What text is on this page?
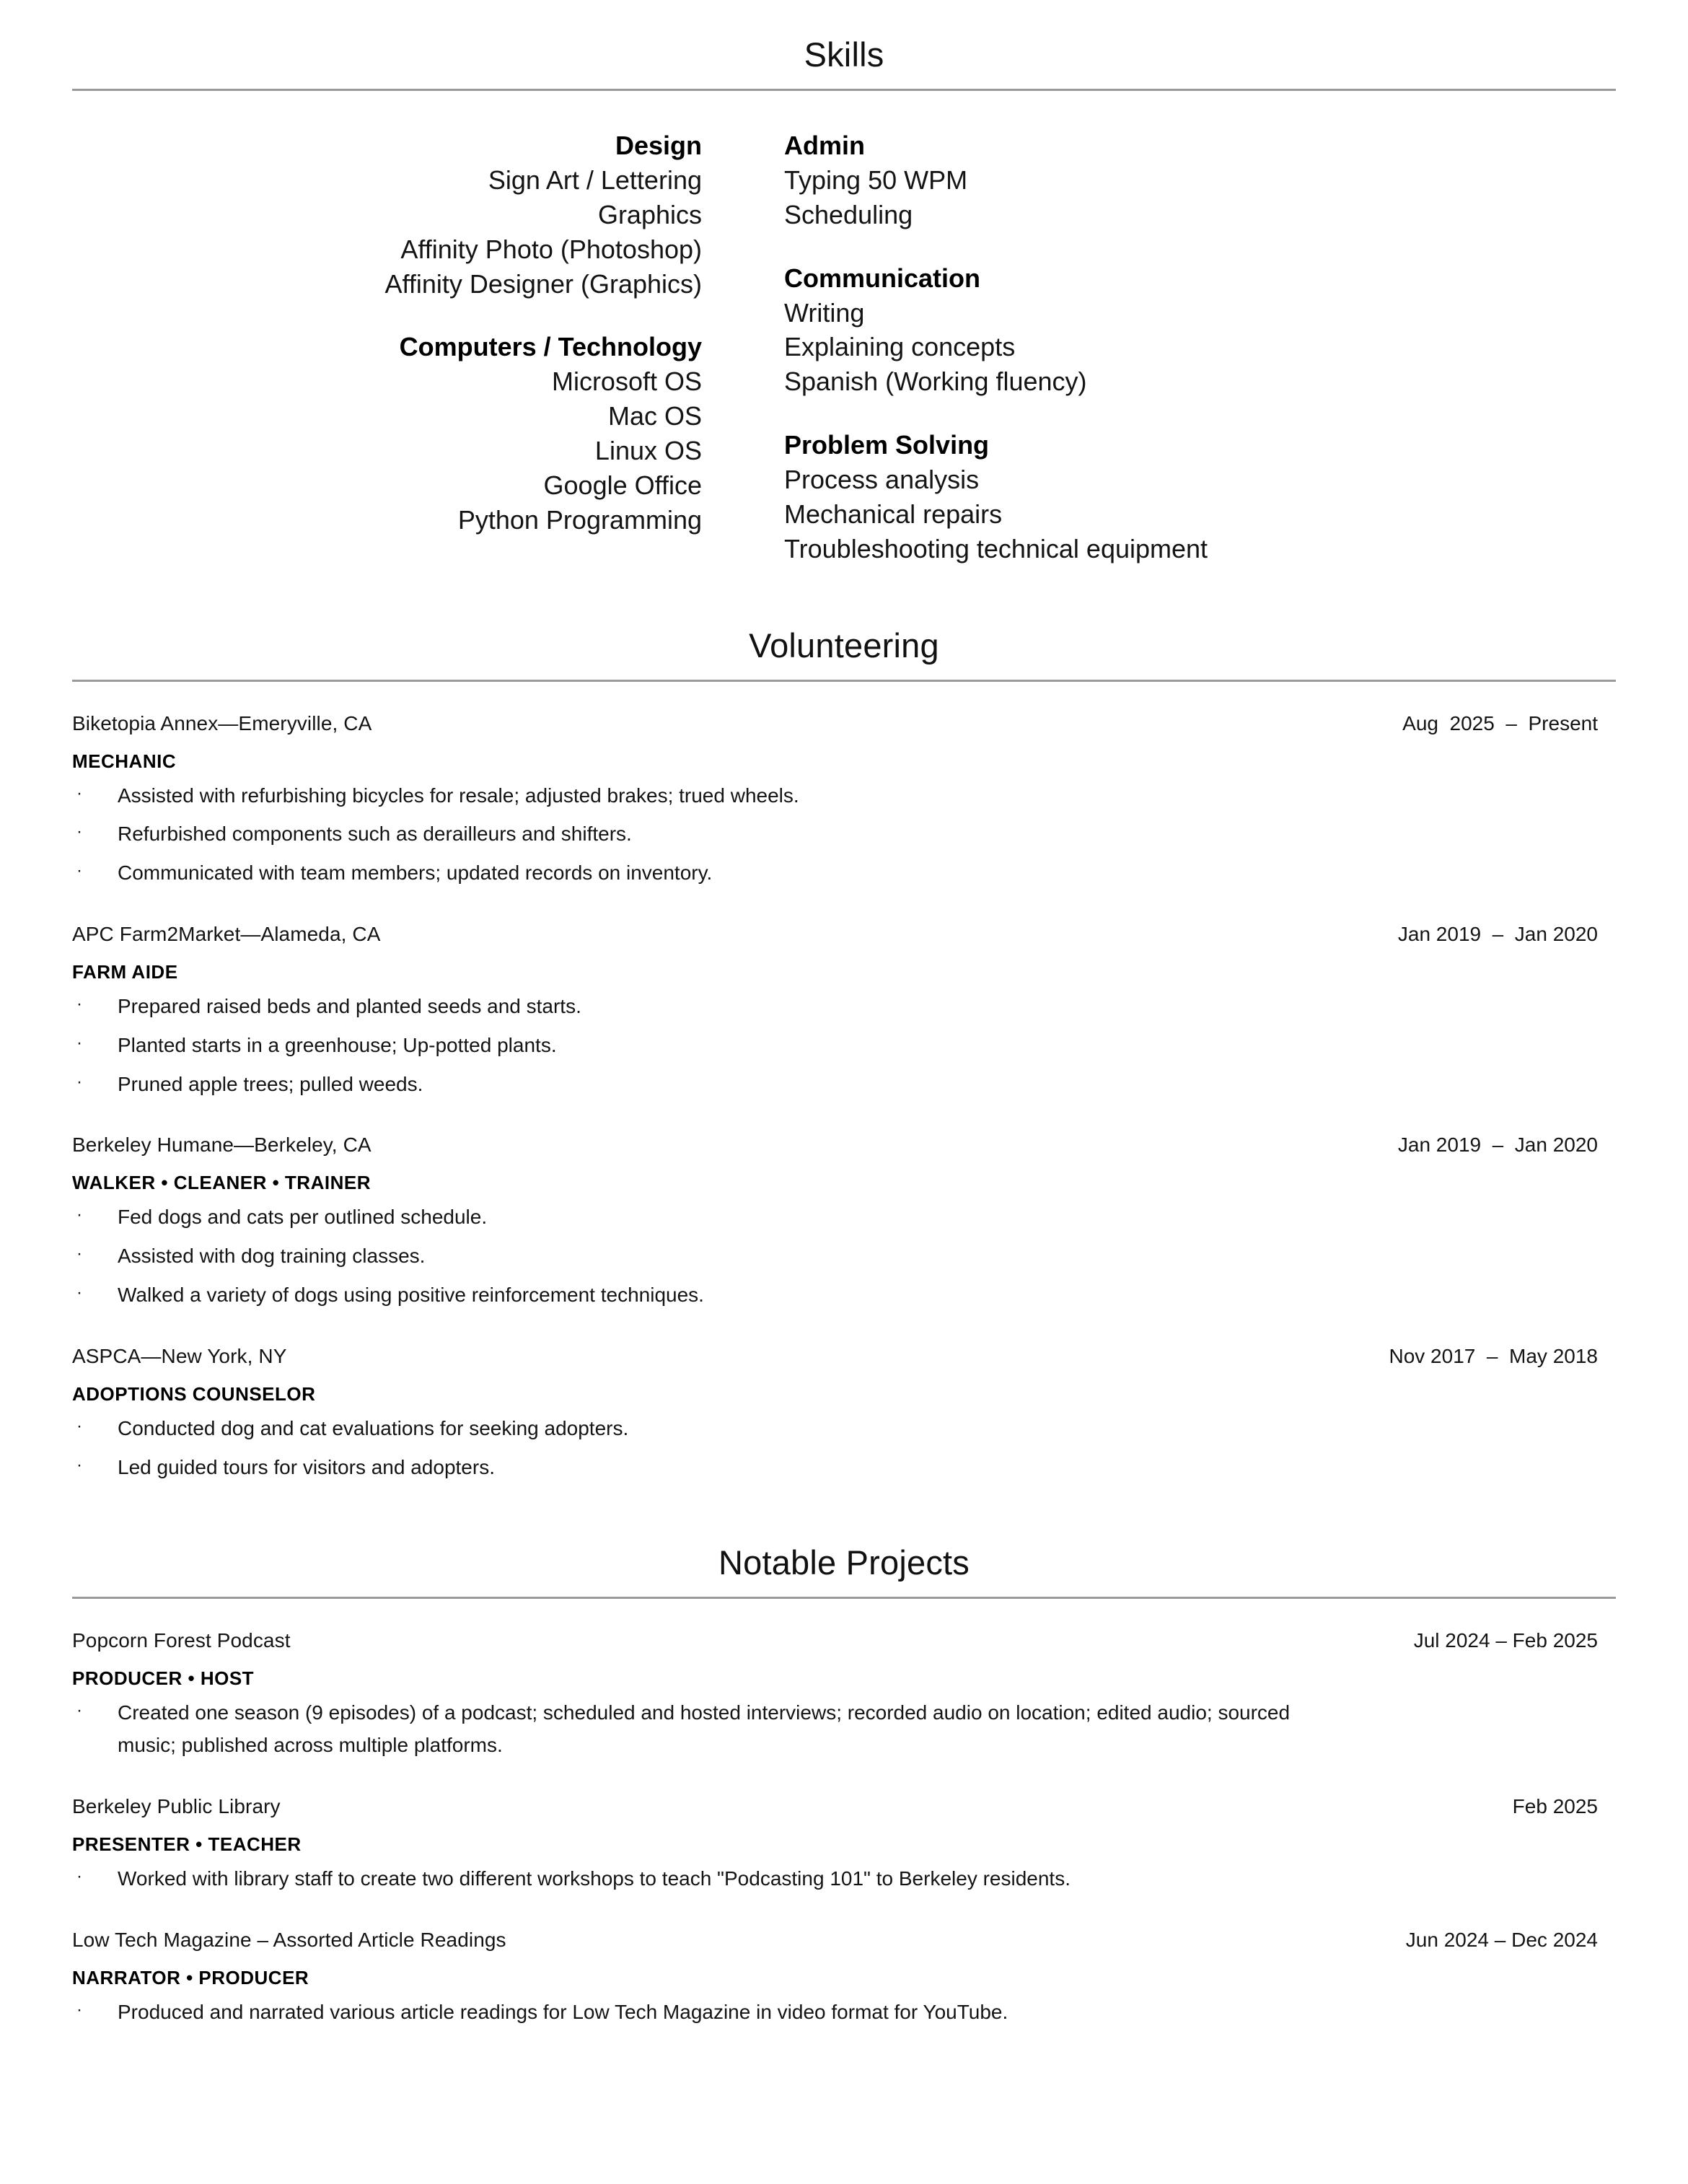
Skills
Design
Sign Art / Lettering
Graphics
Affinity Photo (Photoshop)
Affinity Designer (Graphics)
Computers / Technology
Microsoft OS
Mac OS
Linux OS
Google Office
Python Programming
Admin
Typing 50 WPM
Scheduling
Communication
Writing
Explaining concepts
Spanish (Working fluency)
Problem Solving
Process analysis
Mechanical repairs
Troubleshooting technical equipment
Volunteering
Biketopia Annex—Emeryville, CA	Aug  2025  –  Present
MECHANIC
·	Assisted with refurbishing bicycles for resale; adjusted brakes; trued wheels.
·	Refurbished components such as derailleurs and shifters.
·	Communicated with team members; updated records on inventory.
APC Farm2Market—Alameda, CA	Jan 2019  –  Jan 2020
FARM AIDE
·	Prepared raised beds and planted seeds and starts.
·	Planted starts in a greenhouse; Up-potted plants.
·	Pruned apple trees; pulled weeds.
Berkeley Humane—Berkeley, CA	Jan 2019  –  Jan 2020
WALKER • CLEANER • TRAINER
·	Fed dogs and cats per outlined schedule.
·	Assisted with dog training classes.
·	Walked a variety of dogs using positive reinforcement techniques.
ASPCA—New York, NY	Nov 2017  –  May 2018
ADOPTIONS COUNSELOR
·	Conducted dog and cat evaluations for seeking adopters.
·	Led guided tours for visitors and adopters.
Notable Projects
Popcorn Forest Podcast	Jul 2024 – Feb 2025
PRODUCER • HOST
·	Created one season (9 episodes) of a podcast; scheduled and hosted interviews; recorded audio on location; edited audio; sourced music; published across multiple platforms.
Berkeley Public Library	Feb 2025
PRESENTER • TEACHER
·	Worked with library staff to create two different workshops to teach "Podcasting 101" to Berkeley residents.
Low Tech Magazine – Assorted Article Readings	Jun 2024 – Dec 2024
NARRATOR • PRODUCER
·	Produced and narrated various article readings for Low Tech Magazine in video format for YouTube.
